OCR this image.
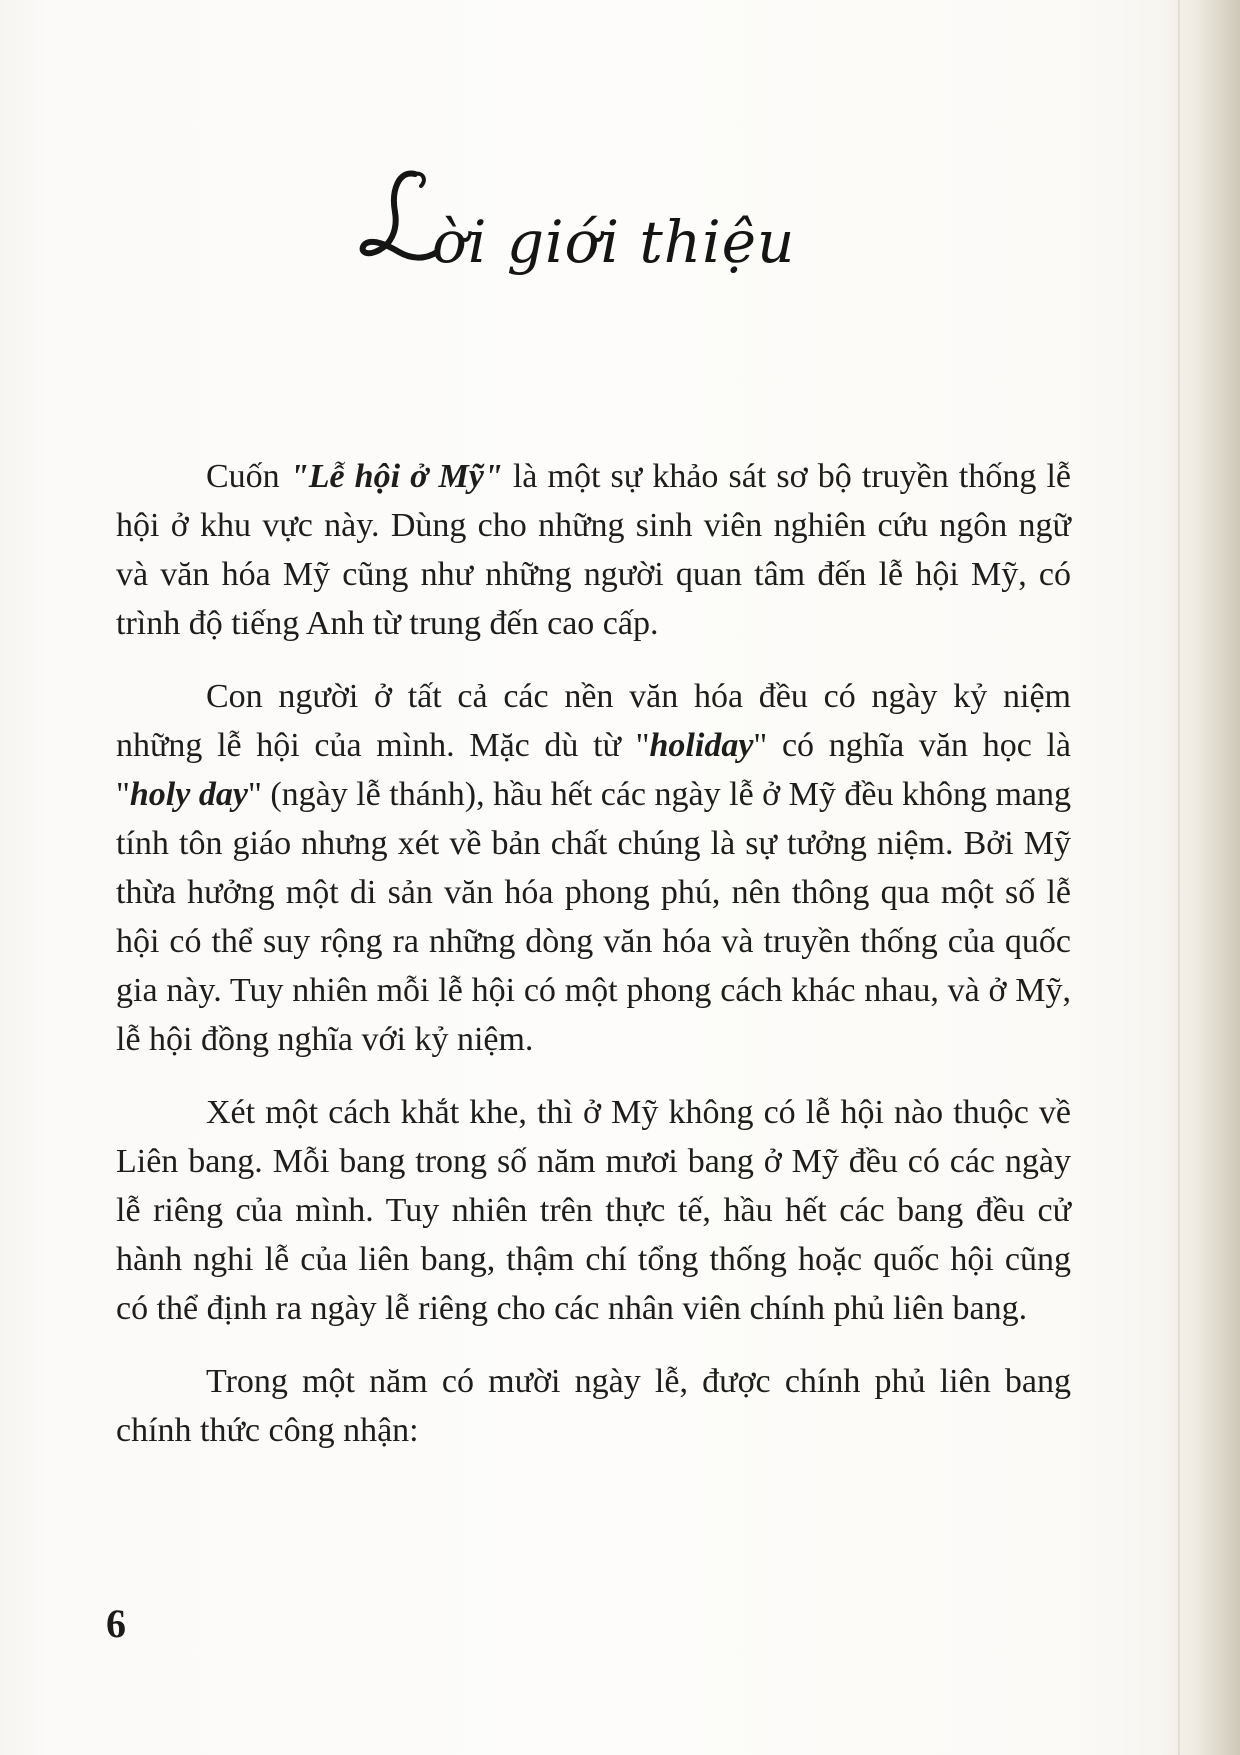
ời giới thiệu

Cuốn "Lễ hội ở Mỹ" là một sự khảo sát sơ bộ truyền thống lễ hội ở khu vực này. Dùng cho những sinh viên nghiên cứu ngôn ngữ và văn hóa Mỹ cũng như những người quan tâm đến lễ hội Mỹ, có trình độ tiếng Anh từ trung đến cao cấp.

Con người ở tất cả các nền văn hóa đều có ngày kỷ niệm những lễ hội của mình. Mặc dù từ "holiday" có nghĩa văn học là "holy day" (ngày lễ thánh), hầu hết các ngày lễ ở Mỹ đều không mang tính tôn giáo nhưng xét về bản chất chúng là sự tưởng niệm. Bởi Mỹ thừa hưởng một di sản văn hóa phong phú, nên thông qua một số lễ hội có thể suy rộng ra những dòng văn hóa và truyền thống của quốc gia này. Tuy nhiên mỗi lễ hội có một phong cách khác nhau, và ở Mỹ, lễ hội đồng nghĩa với kỷ niệm.

Xét một cách khắt khe, thì ở Mỹ không có lễ hội nào thuộc về Liên bang. Mỗi bang trong số năm mươi bang ở Mỹ đều có các ngày lễ riêng của mình. Tuy nhiên trên thực tế, hầu hết các bang đều cử hành nghi lễ của liên bang, thậm chí tổng thống hoặc quốc hội cũng có thể định ra ngày lễ riêng cho các nhân viên chính phủ liên bang.

Trong một năm có mười ngày lễ, được chính phủ liên bang chính thức công nhận:

6
